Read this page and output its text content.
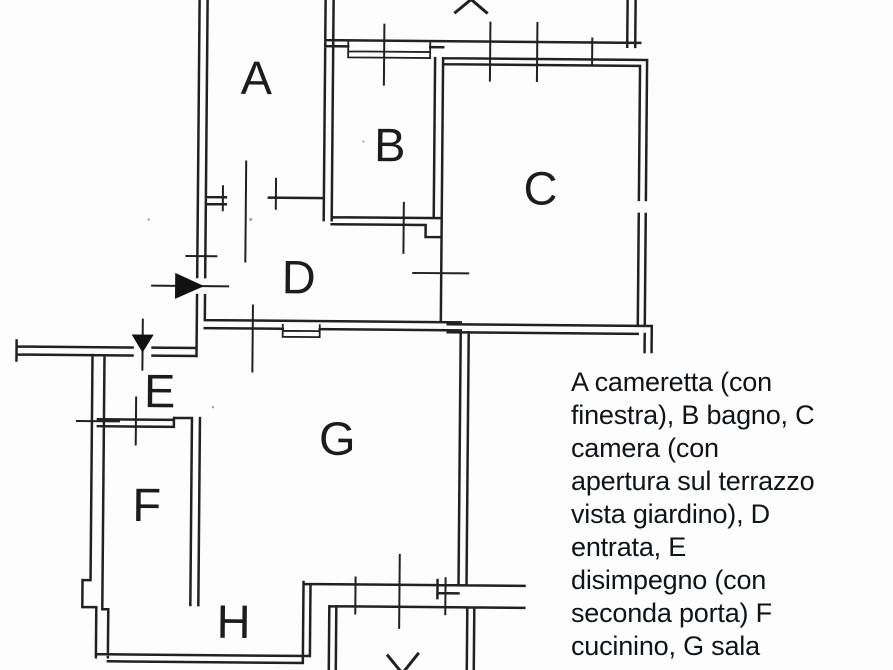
A
B
C
D
E
F
G
H
A cameretta (con
finestra), B bagno, C
camera (con
apertura sul terrazzo
vista giardino), D
entrata, E
disimpegno (con
seconda porta) F
cucinino, G sala
